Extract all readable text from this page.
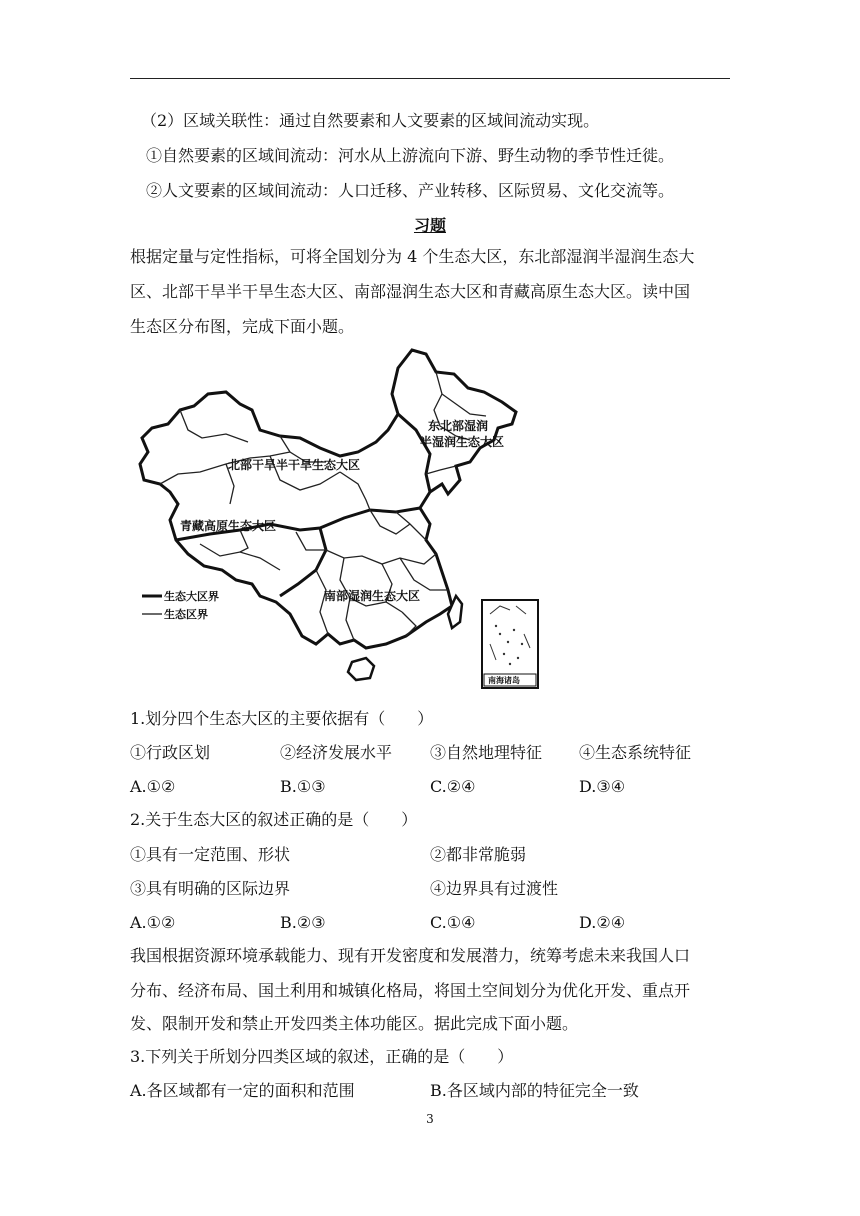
（2）区域关联性：通过自然要素和人文要素的区域间流动实现。
①自然要素的区域间流动：河水从上游流向下游、野生动物的季节性迁徙。
②人文要素的区域间流动：人口迁移、产业转移、区际贸易、文化交流等。
习题
根据定量与定性指标，可将全国划分为 4 个生态大区，东北部湿润半湿润生态大
区、北部干旱半干旱生态大区、南部湿润生态大区和青藏高原生态大区。读中国
生态区分布图，完成下面小题。
东北部湿润
半湿润生态大区
北部干旱半干旱生态大区
青藏高原生态大区
南部湿润生态大区
生态大区界
生态区界
南海诸岛
1.划分四个生态大区的主要依据有（　　）
①行政区划	②经济发展水平 ③自然地理特征 ④生态系统特征
A.①②	B.①③	C.②④	D.③④
2.关于生态大区的叙述正确的是（　　）
①具有一定范围、形状	②都非常脆弱
③具有明确的区际边界	④边界具有过渡性
A.①②	B.②③	C.①④	D.②④
我国根据资源环境承载能力、现有开发密度和发展潜力，统筹考虑未来我国人口
分布、经济布局、国土利用和城镇化格局，将国土空间划分为优化开发、重点开
发、限制开发和禁止开发四类主体功能区。据此完成下面小题。
3.下列关于所划分四类区域的叙述，正确的是（　　）
A.各区域都有一定的面积和范围	B.各区域内部的特征完全一致
3
